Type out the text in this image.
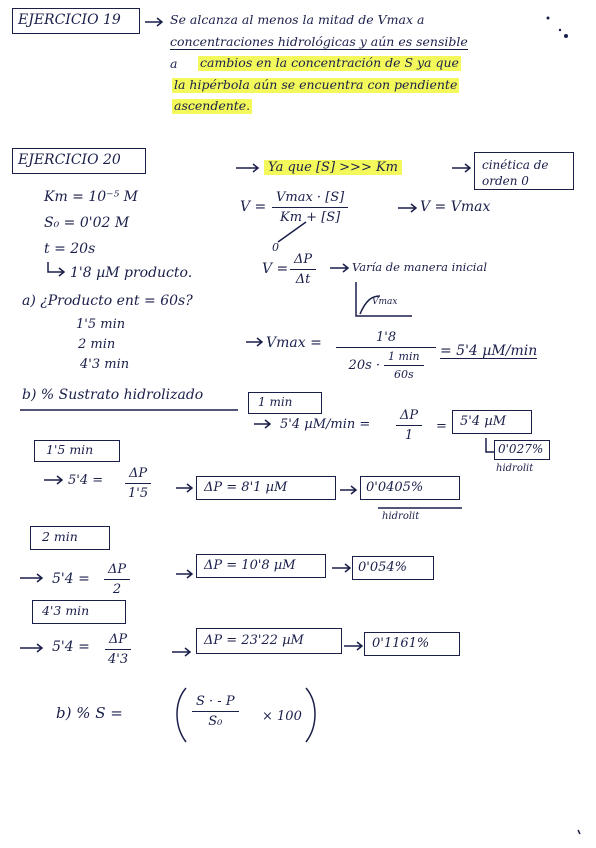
EJERCICIO 19	Se alcanza al menos la mitad de Vmax a
concentraciones hidrológicas y aún es sensible
a cambios en la concentración de S ya que
la hipérbola aún se encuentra con pendiente
ascendente.
EJERCICIO 20
Km = 10⁻⁵ M
S₀ = 0'02 M
t = 20s
1'8 µM producto.
Ya que [S] >>> Km	cinética de orden 0
V =
Vmax · [S]
Km + [S]
0
V = Vmax
$V = \frac{\Delta P}{\Delta t}$	Varía de manera inicial
Vmax
a) ¿Producto ent = 60s?
1'5 min
2 min
4'3 min
Vmax =	1'8
$20s \cdot \frac{1 \min}{60s} = 5'4$ µM/min
b) % Sustrato hidrolizado	1 min
5'4 $\mu M/\min = \frac{\Delta P}{1} = 5'4$ µM
0'027%
hidrolit
1'5 min
$5'4 = \frac{\Delta P}{1'5}$	ΔP = 8'1 µM	0'0405%
hidrolit
2 min
$5'4 = \frac{\Delta P}{2}$	ΔP = 10'8 µM	0'054%
4'3 min
$5'4 = \frac{\Delta P}{4'3}$	ΔP = 23'22 µM	0'1161%
b) % S =	$\frac{S \cdot - P}{\text{S₀}} \times 100$
